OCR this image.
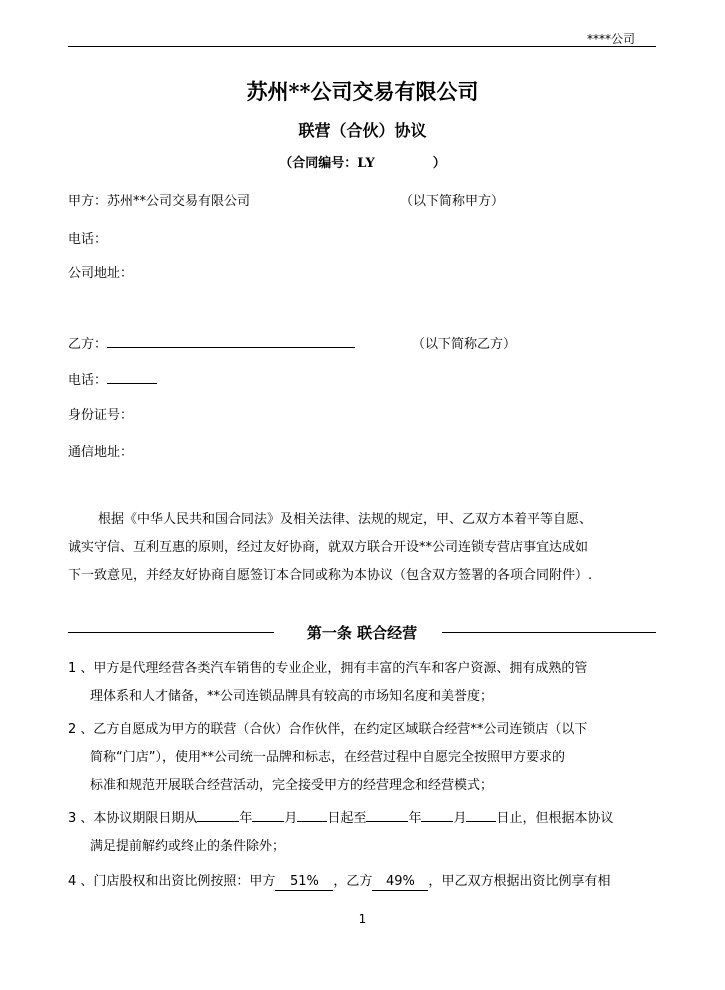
****公司
苏州**公司交易有限公司
联营（合伙）协议
（合同编号：LY	）
甲方：苏州**公司交易有限公司	（以下简称甲方）
电话：
公司地址：
乙方：	（以下简称乙方）
电话：
身份证号：
通信地址：

根据《中华人民共和国合同法》及相关法律、法规的规定，甲、乙双方本着平等自愿、

诚实守信、互利互惠的原则，经过友好协商，就双方联合开设**公司连锁专营店事宜达成如

下一致意见，并经友好协商自愿签订本合同或称为本协议（包含双方签署的各项合同附件）.

第一条 联合经营
1 、甲方是代理经营各类汽车销售的专业企业，拥有丰富的汽车和客户资源、拥有成熟的管
理体系和人才储备，**公司连锁品牌具有较高的市场知名度和美誉度；
2 、乙方自愿成为甲方的联营（合伙）合作伙伴，在约定区域联合经营**公司连锁店（以下
简称“门店”），使用**公司统一品牌和标志，在经营过程中自愿完全按照甲方要求的
标准和规范开展联合经营活动，完全接受甲方的经营理念和经营模式；
3 、本协议期限日期从	年 月 日起至	年 月 日止，但根据本协议
满足提前解约或终止的条件除外；
4 、门店股权和出资比例按照：甲方 51% ，乙方 49% ，甲乙双方根据出资比例享有相
1
